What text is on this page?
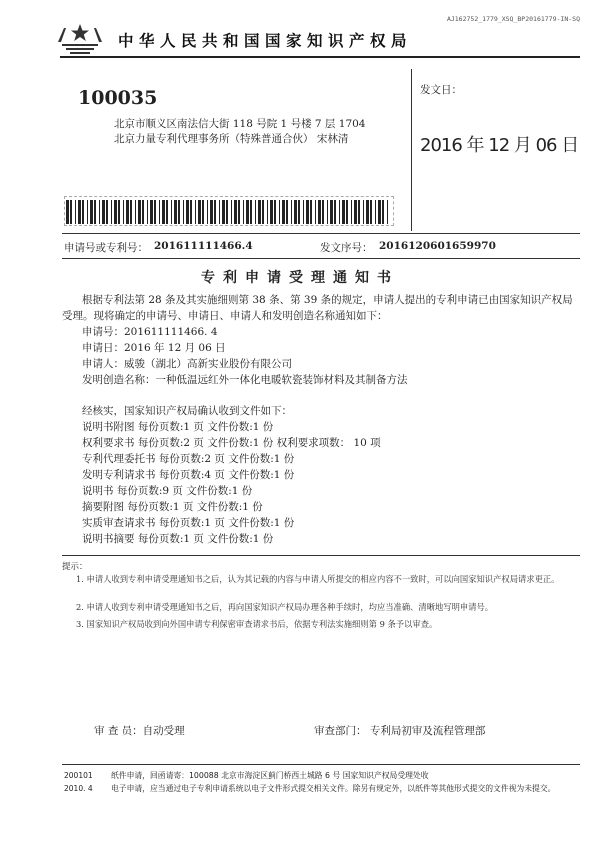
AJ162752_1779_XSQ_BP20161779-IN-SQ
中华人民共和国国家知识产权局
100035
北京市顺义区南法信大街 118 号院 1 号楼 7 层 1704
北京力量专利代理事务所（特殊普通合伙） 宋林清
发文日：
2016 年 12 月 06 日
申请号或专利号： 201611111466.4	发文序号： 2016120601659970
专利申请受理通知书
根据专利法第 28 条及其实施细则第 38 条、第 39 条的规定，申请人提出的专利申请已由国家知识产权局
受理。现将确定的申请号、申请日、申请人和发明创造名称通知如下：
申请号：201611111466. 4
申请日：2016 年 12 月 06 日
申请人：威骏（湖北）高新实业股份有限公司
发明创造名称：一种低温远红外一体化电暖软瓷装饰材料及其制备方法
经核实，国家知识产权局确认收到文件如下：
说明书附图 每份页数:1 页 文件份数:1 份
权利要求书 每份页数:2 页 文件份数:1 份 权利要求项数： 10 项
专利代理委托书 每份页数:2 页 文件份数:1 份
发明专利请求书 每份页数:4 页 文件份数:1 份
说明书 每份页数:9 页 文件份数:1 份
摘要附图 每份页数:1 页 文件份数:1 份
实质审查请求书 每份页数:1 页 文件份数:1 份
说明书摘要 每份页数:1 页 文件份数:1 份
提示：
1. 申请人收到专利申请受理通知书之后，认为其记载的内容与申请人所提交的相应内容不一致时，可以向国家知识产权局请求更正。
2. 申请人收到专利申请受理通知书之后，再向国家知识产权局办理各种手续时，均应当准确、清晰地写明申请号。
3. 国家知识产权局收到向外国申请专利保密审查请求书后，依据专利法实施细则第 9 条予以审查。
审 查 员：自动受理	审查部门： 专利局初审及流程管理部
200101
2010. 4
纸件申请，回函请寄：100088 北京市海淀区蓟门桥西土城路 6 号 国家知识产权局受理处收
电子申请，应当通过电子专利申请系统以电子文件形式提交相关文件。除另有规定外，以纸件等其他形式提交的文件视为未提交。
